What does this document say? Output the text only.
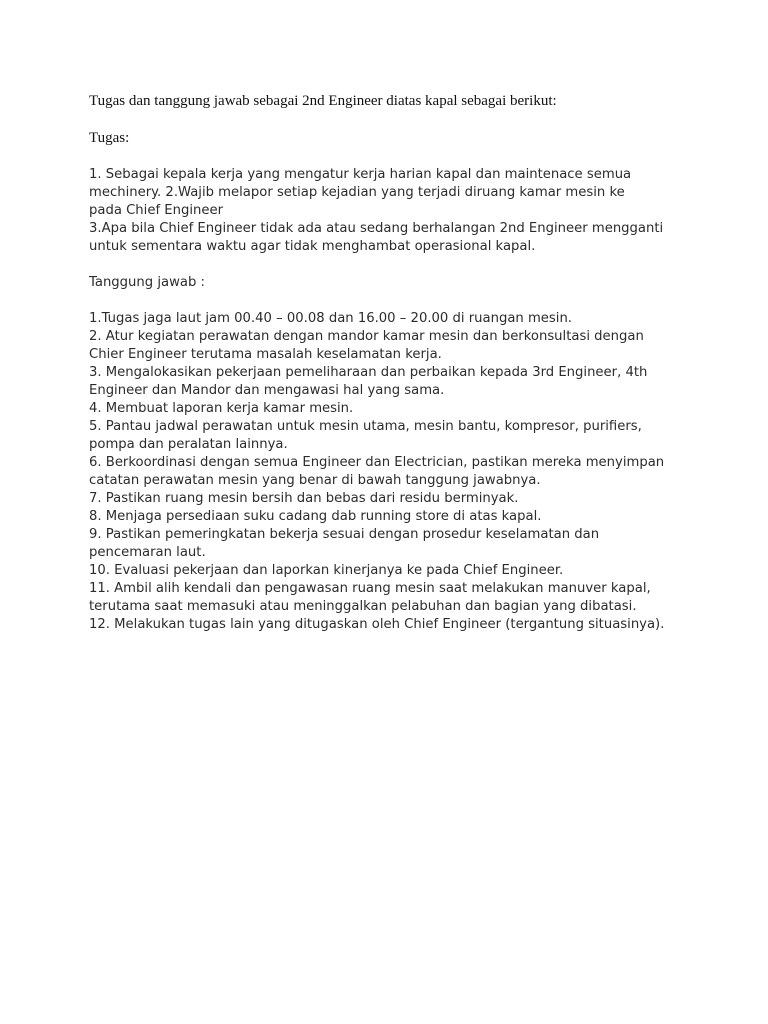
Tugas dan tanggung jawab sebagai 2nd Engineer diatas kapal sebagai berikut:

Tugas:

1. Sebagai kepala kerja yang mengatur kerja harian kapal dan maintenace semua
mechinery. 2.Wajib melapor setiap kejadian yang terjadi diruang kamar mesin ke
pada Chief Engineer
3.Apa bila Chief Engineer tidak ada atau sedang berhalangan 2nd Engineer mengganti
untuk sementara waktu agar tidak menghambat operasional kapal.

Tanggung jawab :

1.Tugas jaga laut jam 00.40 – 00.08 dan 16.00 – 20.00 di ruangan mesin.
2. Atur kegiatan perawatan dengan mandor kamar mesin dan berkonsultasi dengan
Chier Engineer terutama masalah keselamatan kerja.
3. Mengalokasikan pekerjaan pemeliharaan dan perbaikan kepada 3rd Engineer, 4th
Engineer dan Mandor dan mengawasi hal yang sama.
4. Membuat laporan kerja kamar mesin.
5. Pantau jadwal perawatan untuk mesin utama, mesin bantu, kompresor, purifiers,
pompa dan peralatan lainnya.
6. Berkoordinasi dengan semua Engineer dan Electrician, pastikan mereka menyimpan
catatan perawatan mesin yang benar di bawah tanggung jawabnya.
7. Pastikan ruang mesin bersih dan bebas dari residu berminyak.
8. Menjaga persediaan suku cadang dab running store di atas kapal.
9. Pastikan pemeringkatan bekerja sesuai dengan prosedur keselamatan dan
pencemaran laut.
10. Evaluasi pekerjaan dan laporkan kinerjanya ke pada Chief Engineer.
11. Ambil alih kendali dan pengawasan ruang mesin saat melakukan manuver kapal,
terutama saat memasuki atau meninggalkan pelabuhan dan bagian yang dibatasi.
12. Melakukan tugas lain yang ditugaskan oleh Chief Engineer (tergantung situasinya).
